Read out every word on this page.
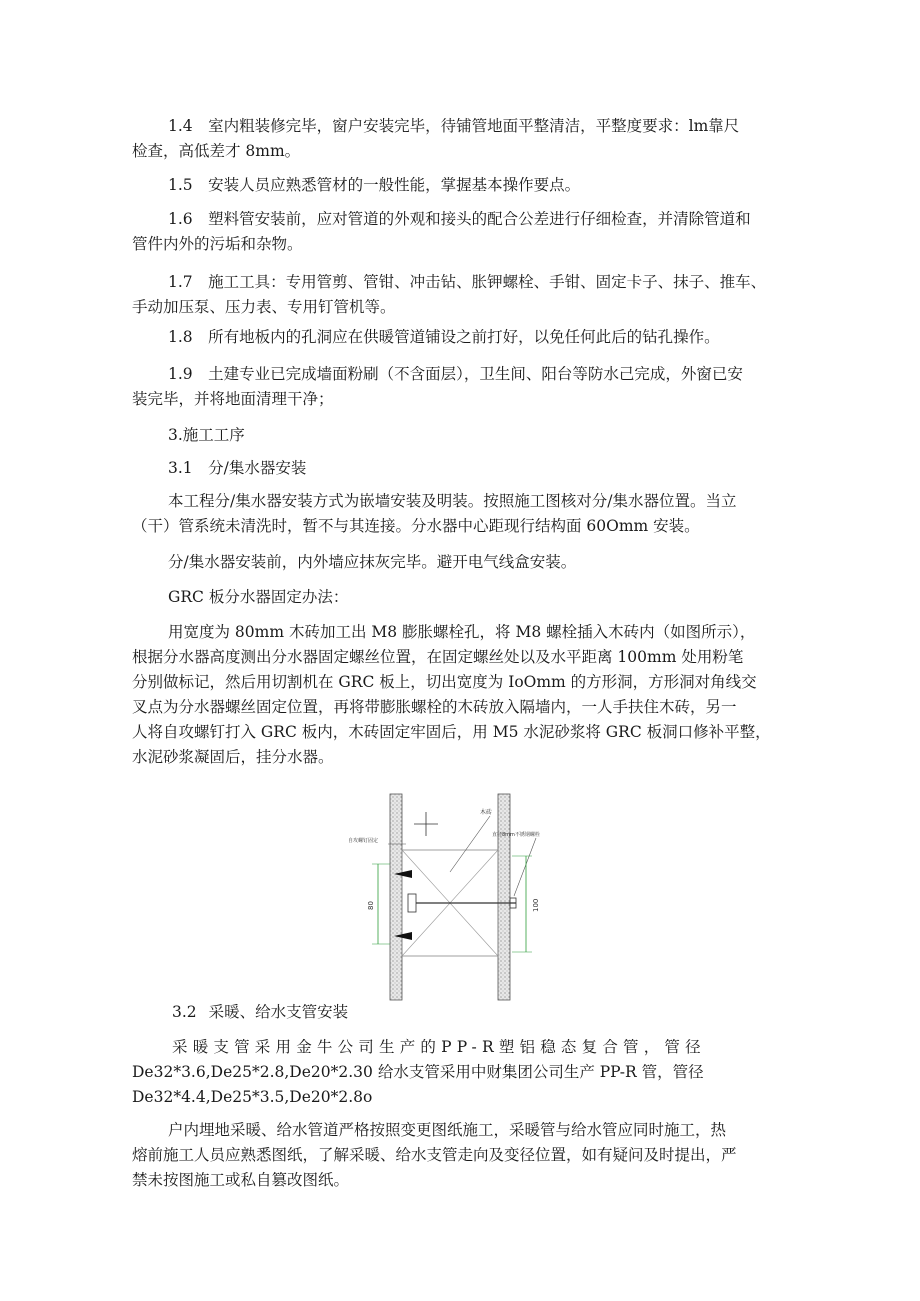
1.4　室内粗装修完毕，窗户安装完毕，待铺管地面平整清洁，平整度要求：lm靠尺

检查，高低差才 8mm。

1.5　安装人员应熟悉管材的一般性能，掌握基本操作要点。

1.6　塑料管安装前，应对管道的外观和接头的配合公差进行仔细检查，并清除管道和

管件内外的污垢和杂物。

1.7　施工工具：专用管剪、管钳、冲击钻、胀钾螺栓、手钳、固定卡子、抹子、推车、

手动加压泵、压力表、专用钉管机等。

1.8　所有地板内的孔洞应在供暖管道铺设之前打好，以免任何此后的钻孔操作。

1.9　土建专业已完成墙面粉刷（不含面层），卫生间、阳台等防水己完成，外窗已安

装完毕，并将地面清理干净；

3.施工工序

3.1　分/集水器安装

本工程分/集水器安装方式为嵌墙安装及明装。按照施工图核对分/集水器位置。当立

（干）管系统未清洗时，暂不与其连接。分水器中心距现行结构面 60Omm 安装。

分/集水器安装前，内外墙应抹灰完毕。避开电气线盒安装。

GRC 板分水器固定办法：

用宽度为 80mm 木砖加工出 M8 膨胀螺栓孔，将 M8 螺栓插入木砖内（如图所示），

根据分水器高度测出分水器固定螺丝位置，在固定螺丝处以及水平距离 100mm 处用粉笔

分别做标记，然后用切割机在 GRC 板上，切出宽度为 IoOmm 的方形洞，方形洞对角线交

叉点为分水器螺丝固定位置，再将带膨胀螺栓的木砖放入隔墙内，一人手扶住木砖，另一

人将自攻螺钉打入 GRC 板内，木砖固定牢固后，用 M5 水泥砂浆将 GRC 板洞口修补平整，

水泥砂浆凝固后，挂分水器。

木砖
自攻螺钉固定
直径8mm不锈钢螺栓
80	100
3.2 采暖、给水支管安装

采暖支管采用金牛公司生产的PP-R塑铝稳态复合管，管径

De32*3.6,De25*2.8,De20*2.30 给水支管采用中财集团公司生产 PP-R 管，管径

De32*4.4,De25*3.5,De20*2.8o

户内埋地采暖、给水管道严格按照变更图纸施工，采暖管与给水管应同时施工，热

熔前施工人员应熟悉图纸，了解采暖、给水支管走向及变径位置，如有疑问及时提出，严

禁未按图施工或私自篡改图纸。
